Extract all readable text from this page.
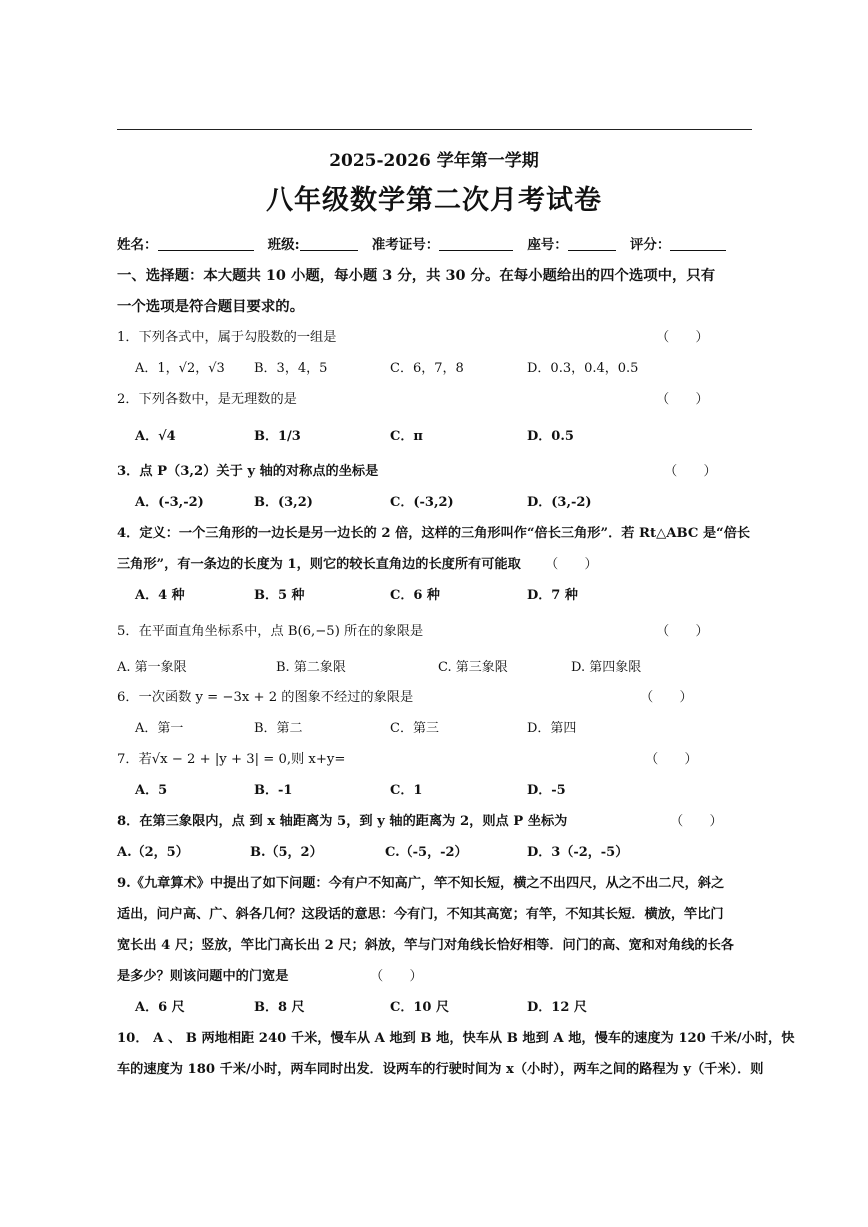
2025-2026 学年第一学期
八年级数学第二次月考试卷
姓名：	班级:	准考证号：	座号：	评分：
一、选择题：本大题共 10 小题，每小题 3 分，共 30 分。在每小题给出的四个选项中，只有
一个选项是符合题目要求的。
1．下列各式中，属于勾股数的一组是	（　　）
A．1，√2，√3 B．3，4，5	C．6，7，8	D．0.3，0.4，0.5
2．下列各数中，是无理数的是	（　　）
A．√4	B．1/3	C．π	D．0.5
3．点 P（3,2）关于 y 轴的对称点的坐标是	（　　）
A．(-3,-2)	B．(3,2)	C．(-3,2)	D．(3,-2)
4．定义：一个三角形的一边长是另一边长的 2 倍，这样的三角形叫作“倍长三角形”．若 Rt△ABC 是“倍长
三角形”，有一条边的长度为 1，则它的较长直角边的长度所有可能取	（　　）
A．4 种	B．5 种	C．6 种	D．7 种
5．在平面直角坐标系中，点 B(6,−5) 所在的象限是	（　　）
A. 第一象限	B. 第二象限	C. 第三象限	D. 第四象限
6．一次函数 y = −3x + 2 的图象不经过的象限是	（　　）
A．第一	B．第二	C．第三	D．第四
7．若√x − 2 + |y + 3| = 0,则 x+y=	（　　）
A．5	B．-1	C．1	D．-5
8．在第三象限内，点 到 x 轴距离为 5，到 y 轴的距离为 2，则点 P 坐标为	（　　）
A.（2，5）	B.（5，2）	C.（-5，-2）	D．3（-2，-5）
9.《九章算术》中提出了如下问题：今有户不知高广，竿不知长短，横之不出四尺，从之不出二尺，斜之
适出，问户高、广、斜各几何？这段话的意思：今有门，不知其高宽；有竿，不知其长短．横放，竿比门
宽长出 4 尺；竖放，竿比门高长出 2 尺；斜放，竿与门对角线长恰好相等．问门的高、宽和对角线的长各
是多少？则该问题中的门宽是	（　　）
A．6 尺	B．8 尺	C．10 尺	D．12 尺
10． A 、 B 两地相距 240 千米，慢车从 A 地到 B 地，快车从 B 地到 A 地，慢车的速度为 120 千米/小时，快
车的速度为 180 千米/小时，两车同时出发．设两车的行驶时间为 x（小时），两车之间的路程为 y（千米）．则
